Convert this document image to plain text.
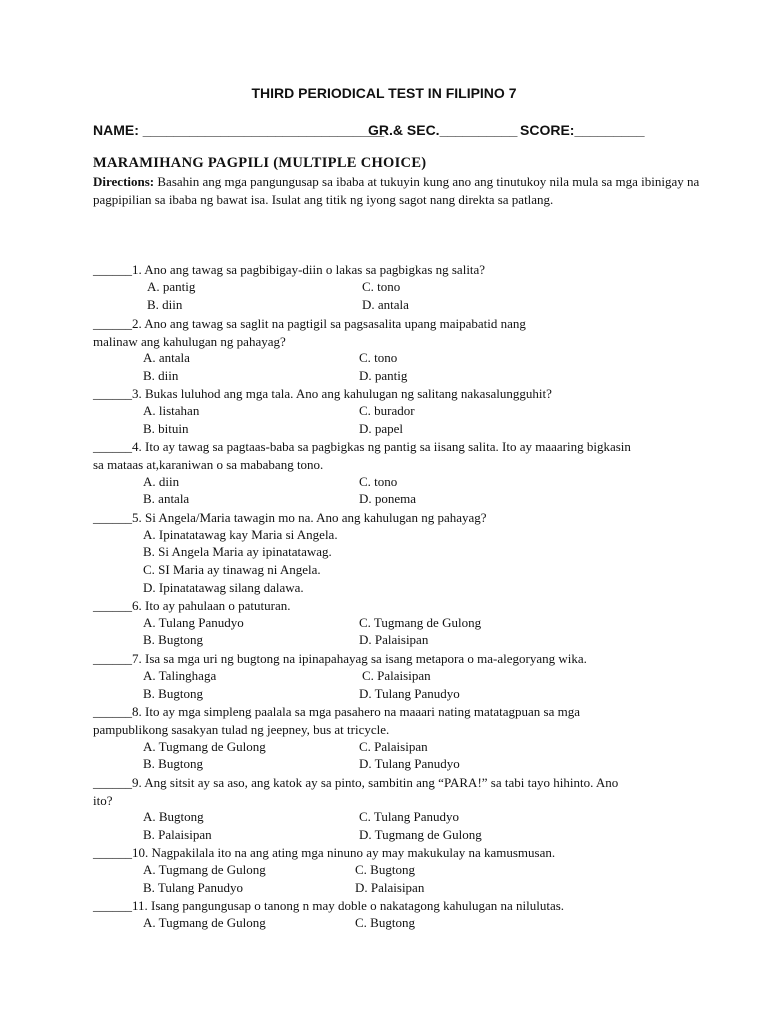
THIRD PERIODICAL TEST IN FILIPINO 7
NAME: _______________________________
GR.& SEC.__________ SCORE:_________
MARAMIHANG PAGPILI (MULTIPLE CHOICE)
Directions: Basahin ang mga pangungusap sa ibaba at tukuyin kung ano ang tinutukoy nila mula sa mga ibinigay na pagpipilian sa ibaba ng bawat isa. Isulat ang titik ng iyong sagot nang direkta sa patlang.
______1. Ano ang tawag sa pagbibigay-diin o lakas sa pagbigkas ng salita?
A. pantig	C. tono
B. diin	D. antala
______2. Ano ang tawag sa saglit na pagtigil sa pagsasalita upang maipabatid nang
malinaw ang kahulugan ng pahayag?
A. antala	C. tono
B. diin	D. pantig
______3. Bukas luluhod ang mga tala. Ano ang kahulugan ng salitang nakasalungguhit?
A. listahan	C. burador
B. bituin	D. papel
______4. Ito ay tawag sa pagtaas-baba sa pagbigkas ng pantig sa iisang salita. Ito ay maaaring bigkasin
sa mataas at,karaniwan o sa mababang tono.
A. diin	C. tono
B. antala	D. ponema
______5. Si Angela/Maria tawagin mo na. Ano ang kahulugan ng pahayag?
A. Ipinatatawag kay Maria si Angela.
B. Si Angela Maria ay ipinatatawag.
C. SI Maria ay tinawag ni Angela.
D. Ipinatatawag silang dalawa.
______6. Ito ay pahulaan o patuturan.
A. Tulang Panudyo	C. Tugmang de Gulong
B. Bugtong	D. Palaisipan
______7. Isa sa mga uri ng bugtong na ipinapahayag sa isang metapora o ma-alegoryang wika.
A. Talinghaga	C. Palaisipan
B. Bugtong	D. Tulang Panudyo
______8. Ito ay mga simpleng paalala sa mga pasahero na maaari nating matatagpuan sa mga
pampublikong sasakyan tulad ng jeepney, bus at tricycle.
A. Tugmang de Gulong	C. Palaisipan
B. Bugtong	D. Tulang Panudyo
______9. Ang sitsit ay sa aso, ang katok ay sa pinto, sambitin ang “PARA!” sa tabi tayo hihinto. Ano
ito?
A. Bugtong	C. Tulang Panudyo
B. Palaisipan	D. Tugmang de Gulong
______10. Nagpakilala ito na ang ating mga ninuno ay may makukulay na kamusmusan.
A. Tugmang de Gulong	C. Bugtong
B. Tulang Panudyo	D. Palaisipan
______11. Isang pangungusap o tanong n may doble o nakatagong kahulugan na nilulutas.
A. Tugmang de Gulong	C. Bugtong
